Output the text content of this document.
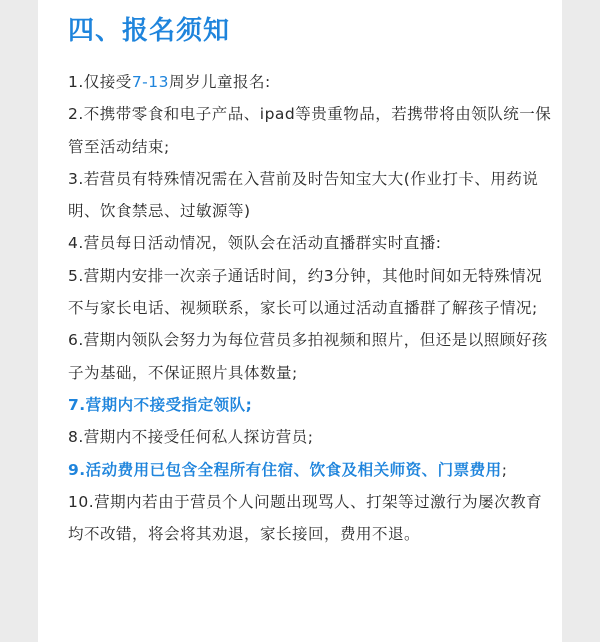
四、报名须知
1.仅接受7-13周岁儿童报名:
2.不携带零食和电子产品、ipad等贵重物品，若携带将由领队统一保管至活动结束;
3.若营员有特殊情况需在入营前及时告知宝大大(作业打卡、用药说明、饮食禁忌、过敏源等)
4.营员每日活动情况，领队会在活动直播群实时直播:
5.营期内安排一次亲子通话时间，约3分钟，其他时间如无特殊情况不与家长电话、视频联系，家长可以通过活动直播群了解孩子情况;
6.营期内领队会努力为每位营员多拍视频和照片，但还是以照顾好孩子为基础，不保证照片具体数量;
7.营期内不接受指定领队;
8.营期内不接受任何私人探访营员;
9.活动费用已包含全程所有住宿、饮食及相关师资、门票费用;
10.营期内若由于营员个人问题出现骂人、打架等过激行为屡次教育均不改错，将会将其劝退，家长接回，费用不退。
